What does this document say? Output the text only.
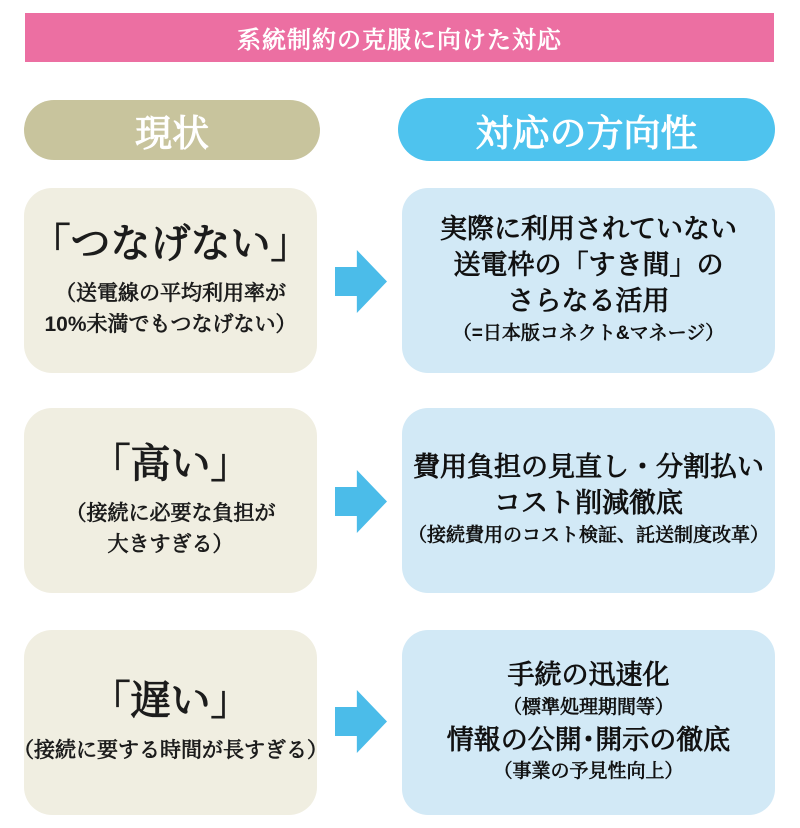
系統制約の克服に向けた対応
現状	対応の方向性
「つなげない」
（送電線の平均利用率が
10%未満でもつなげない）
実際に利用されていない
送電枠の「すき間」の
さらなる活用
（=日本版コネクト&マネージ）
「高い」
（接続に必要な負担が
大きすぎる）
費用負担の見直し・分割払い
コスト削減徹底
（接続費用のコスト検証、託送制度改革）
「遅い」
（接続に要する時間が長すぎる）
手続の迅速化
（標準処理期間等）
情報の公開･開示の徹底
（事業の予見性向上）
